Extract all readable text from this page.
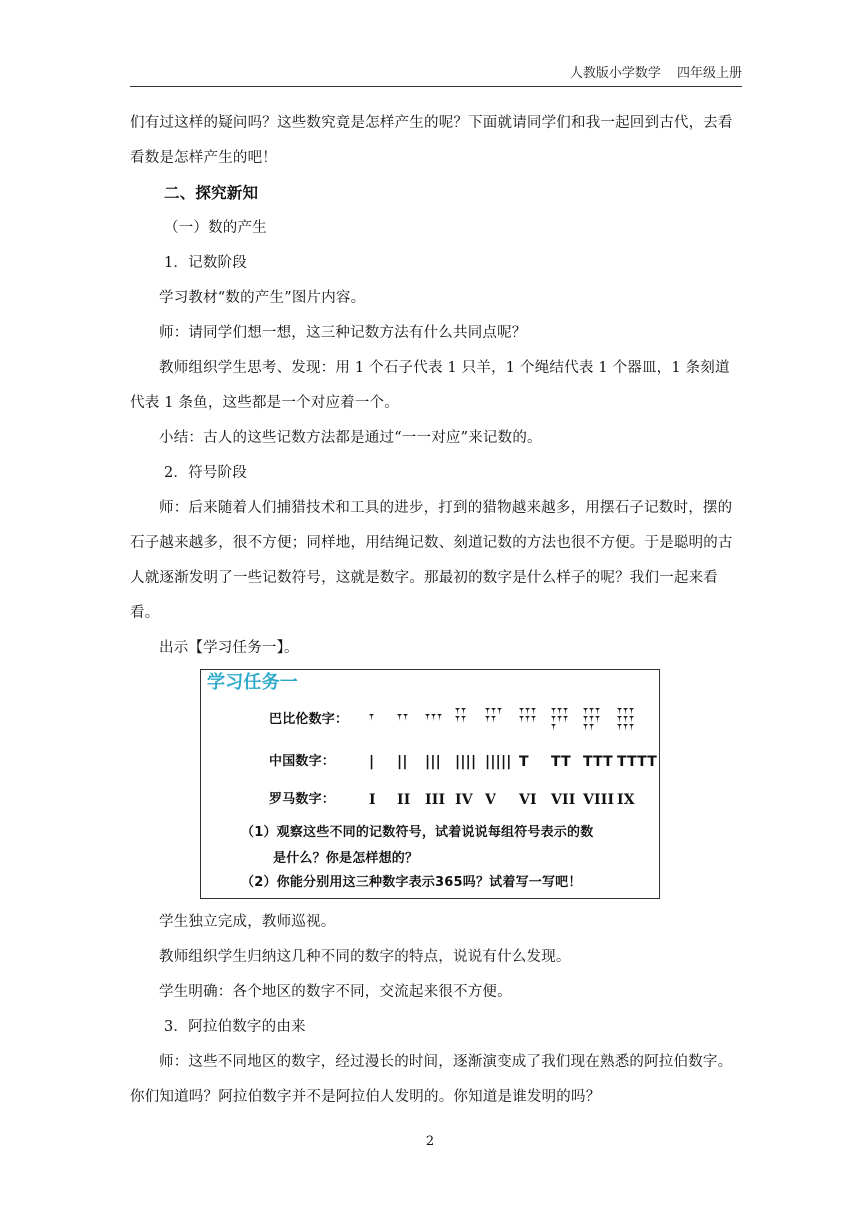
人教版小学数学 四年级上册

们有过这样的疑问吗？这些数究竟是怎样产生的呢？下面就请同学们和我一起回到古代，去看看数是怎样产生的吧！

二、探究新知

（一）数的产生

1．记数阶段

学习教材“数的产生”图片内容。

师：请同学们想一想，这三种记数方法有什么共同点呢？

教师组织学生思考、发现：用 1 个石子代表 1 只羊，1 个绳结代表 1 个器皿，1 条刻道代表 1 条鱼，这些都是一个对应着一个。

小结：古人的这些记数方法都是通过“一一对应”来记数的。

2．符号阶段

师：后来随着人们捕猎技术和工具的进步，打到的猎物越来越多，用摆石子记数时，摆的石子越来越多，很不方便；同样地，用结绳记数、刻道记数的方法也很不方便。于是聪明的古人就逐渐发明了一些记数符号，这就是数字。那最初的数字是什么样子的呢？我们一起来看看。

出示【学习任务一】。

学习任务一
巴比伦数字：
中国数字：	| || ||| |||| ||||| T TT TTT TTTT
罗马数字：	I II III IV V VI VII VIII IX
（1）观察这些不同的记数符号，试着说说每组符号表示的数
是什么？你是怎样想的？
（2）你能分别用这三种数字表示365吗？试着写一写吧！

学生独立完成，教师巡视。

教师组织学生归纳这几种不同的数字的特点，说说有什么发现。

学生明确：各个地区的数字不同，交流起来很不方便。

3．阿拉伯数字的由来

师：这些不同地区的数字，经过漫长的时间，逐渐演变成了我们现在熟悉的阿拉伯数字。你们知道吗？阿拉伯数字并不是阿拉伯人发明的。你知道是谁发明的吗？

2
